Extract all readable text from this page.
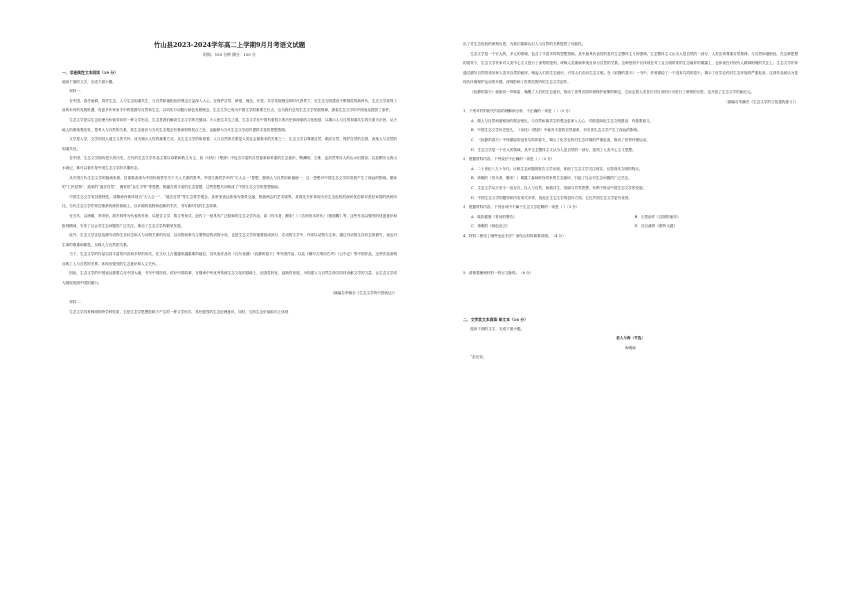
竹山县2023-2024学年高二上学期9月月考语文试题
时间：150 分钟 满分：150 分

一、非连续性文本阅读（19 分）

阅读下面的文字，完成下面小题。

材料一：

在中国，春作而耕，春作生态，人与生态和谐共生，与自然和谐相处的观念日益深入人心。在保护自然、珍惜、理念、开放、共享发展理念的时代背景下，在生态文明建设不断推进的新时代，生态文学获得了前所未有的发展机遇，有更多作家用手中的笔描写自然和生态，以切实行动践行绿色发展理念，生态文学已成为中国文学的重要生长点，这为我们总结生态文学发展规律，探索生态文学的中国表达提供了条件。

生态文学是以生态伦理为价值导向的一种文学形态，生态是我们解读生态文学的关键词。天人相生共生之道，生态文学在中国有着悠久的历史和深厚的文化根基，以揭示人与自然和谐共生的关系为宗旨，从天地人的系统观出发，思考人与自然的关系，其生态意识与当代生态观念有着深刻的契合之处，也能够为当代生态文学创作提供丰富的思想资源。

文学是人学，文学因其人道主义的关怀，成为揭示人性的重要方式。从生态文学的角度看，人与自然的关系是人类社会最基本的关系之一，生态文学以尊重自然、顺应自然、保护自然的态度，表现人与自然的和谐共处。

在中国，生态文学拥有悠久的历史。古代的生态文学作品主要以诗歌和散文为主，如《诗经》《楚辞》中包含丰富的自然意象和朴素的生态意识，陶渊明、王维、孟浩然等诗人的山水田园诗，以及柳宗元的山水游记，都可以看作是中国生态文学的早期形态。

从中国古代生态文学的源流来看，其重要表现为中国传统哲学关于天人关系的思考。中国古典哲学中的“天人合一”思想，强调人与自然的和谐统一，这一思想对中国生态文学的发展产生了深远的影响。儒家的“仁民爱物”、道家的“道法自然”、佛家的“众生平等”等思想，都蕴含着丰富的生态智慧，这些思想共同构成了中国生态文学的思想基础。

中国生态文学有其独特性。其精神内核体现为“天人合一”、“道法自然”等生态哲学观念，其审美表达体现为情景交融、物我两忘的艺术境界，其现实关怀体现为对生态危机的深切忧虑和对美好家园的热切向往。当代生态文学作家在继承传统的基础上，以开阔的视野和创新的手法，书写新时代的生态故事。

在当代，以徐刚、李青松、胡冬林等为代表的作家，以报告文学、散文等形式，创作了一批具有广泛影响的生态文学作品，如《伐木者，醒来！》《告别伐木时代》《狼图腾》等，这些作品以强烈的忧患意识和批判精神，引发了社会对生态问题的广泛关注，推动了生态文学的繁荣发展。

此外，生态文学还包括描写动物生存状态和人与动物关系的作品，以动物叙事为主要特征的动物小说，也是生态文学的重要组成部分，在动物文学中，作家以动物为主角，通过对动物生存状态的描写，表达对生命的尊重和敬畏，反映人与自然的关系。

当下，生态文学的作品以其丰富的内容和多样的形式，在文坛上占据越来越重要的地位，其代表作品有《瓦尔登湖》《寂静的春天》等外国作品，以及《额尔古纳河右岸》《云中记》等中国作品，这些作品深刻反映了人与自然的关系，体现出强烈的生态意识和人文关怀。

因此，生态文学的中国表达需要立足中国大地，书写中国经验，讲好中国故事，在继承中华优秀传统生态文化的基础上，创造性转化、创新性发展，为构建人与自然生命共同体贡献文学的力量，让生态文学成为展现美丽中国的窗口。

（摘编自李朝全《生态文学的中国表达》）

材料二：

生态文学具有鲜明的跨学科性质，它是生态学思想影响下产生的一种文学形式，具有强烈的生态伦理意识。同时，它的生态价值取向上体现

出了对生态危机的深刻反思，为我们重新认识人与自然的关系提供了可能性。

生态文学是一个宏大的、多元的领域，包含了丰富多样的思想资源，其中最具代表性的是对生态整体主义的强调。生态整体主义认为人是自然的一部分，人类应该尊重自然规律，与自然和谐相处。在这种思想的指导下，生态文学作家对人类中心主义进行了深刻的批判，呼唤人类重新审视自身与自然的关系。这种批判不仅体现在对工业文明带来的生态破坏的揭露上，也体现在对现代人精神困境的关注上。生态文学作家通过描写自然的美好和人类对自然的破坏，唤起人们的生态意识，引导人们走向生态文明。在《寂静的春天》一书中，作者描绘了一个没有鸟鸣的春天，揭示了化学农药对生态环境的严重危害，这部作品被认为是现代环境保护运动的开端，深刻影响了世界范围内的生态文学创作。

《寂静的春天》就如同一声响雷，唤醒了人们的生态意识，推动了世界各国环境保护政策的制定，它标志着人类首次对自身的行为进行了深刻的反思，也开创了生态文学的新纪元。

（摘编自朱鹏杰《生态文学的文化建构意义》）

1．下列对材料相关内容的理解和分析，不正确的一项是（ ）（3 分）

A．跟人与自然和谐相处的观念相比，与自然和谐共生的观念更深入人心，对推进绿色生态文明建设，有重要意义。

B．中国生态文学历史悠久，《诗经》《楚辞》中就有丰富的自然意象，对后世生态文学产生了深远的影响。

C．《寂静的春天》中所描绘的没有鸟鸣的春天，揭示了化学农药对生态环境的严重危害，推动了世界环保运动。

D．生态文学是一个宏大的领域，其中生态整体主义认为人是自然的一部分，批判了人类中心主义思想。

2．根据材料内容，下列说法不正确的一项是（ ）（3 分）

A．二十世纪八九十年代，反映生态问题的报告文学出现，体现了生态文学关注现实、反思现代文明的特点。

B．徐刚的《伐木者，醒来！》揭露了森林砍伐带来的生态破坏，引起了社会对生态问题的广泛关注。

C．生态文学从古至今一直存在，以人与自然、和谐共生、美丽与共等思想，有利于推动中国生态文学的发展。

D．中国生态文学的题材和内容形式多样，因此在生态文学的创作方面，它比外国生态文学更有优势。

3．根据材料内容，下列各项中不属于生态文学范畴的一项是（ ）（3 分）

A．陈彩健康《青河的警告》	B．王蒙治作《吉图的童年》
C．徐刚的《绿色宣言》	D．沈石溪的《斑羚飞渡》

4．材料二使用了哪些论证手法？请结合材料简要说明。（4 分）

5．请简要梳理材料一的行文脉络。（6 分）

二、文学类文本阅读·单文本（16 分）

阅读下面的文字，完成下面小题。

老人与海（节选）

海明威

“亲兄弟，
